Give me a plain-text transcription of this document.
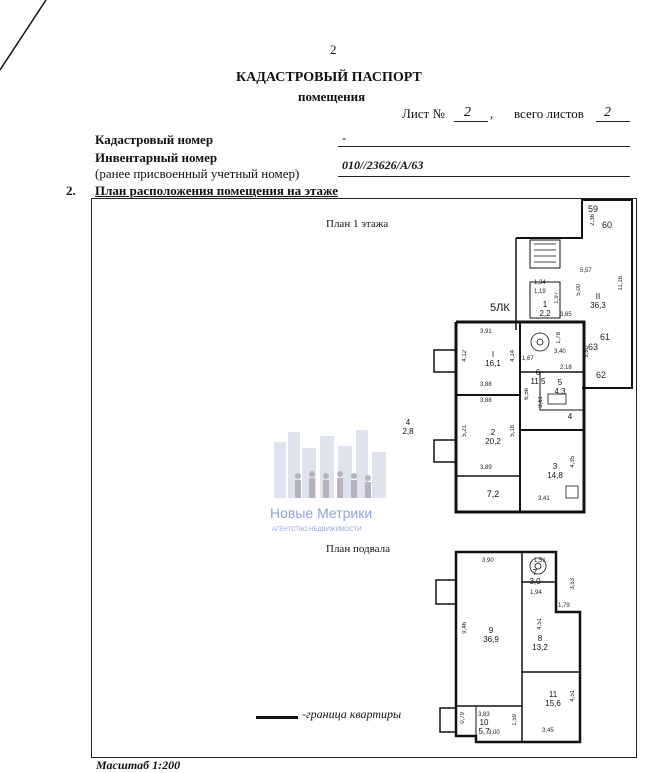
2
КАДАСТРОВЫЙ ПАСПОРТ
помещения
Лист № 2 , всего листов 2
Кадастровый номер	-
Инвентарный номер
(ранее присвоенный учетный номер)
010//23626/А/63
2. План расположения помещения на этаже
План 1 этажа
5ЛК
I
16,1
2
20,2
3
14,8
5
4,3
6
11,5
1
2,2
II
36,3
4
2,8
7,2
4
59
60
61
63
62
3,91
4,12
3,88
3,88
5,21	5,18
3,89
3,41
4,35
3,61
2,18
1,67
3,65
5,57
5,00	11,16
1,34
1,19
3,40
1,78
6,56
2,36
3,80
4,14
1,97
Новые Метрики
АГЕНТСТВО НЕДВИЖИМОСТИ
План подвала
9
36,9	8
13,2
7
3,0
11
15,6
10
5,7
3,90	1,51
1,94
3,53
1,79
9,46	4,51
4,51
3,83
3,00
1,59
3,45
0,79
-граница квартиры
Масштаб 1:200
